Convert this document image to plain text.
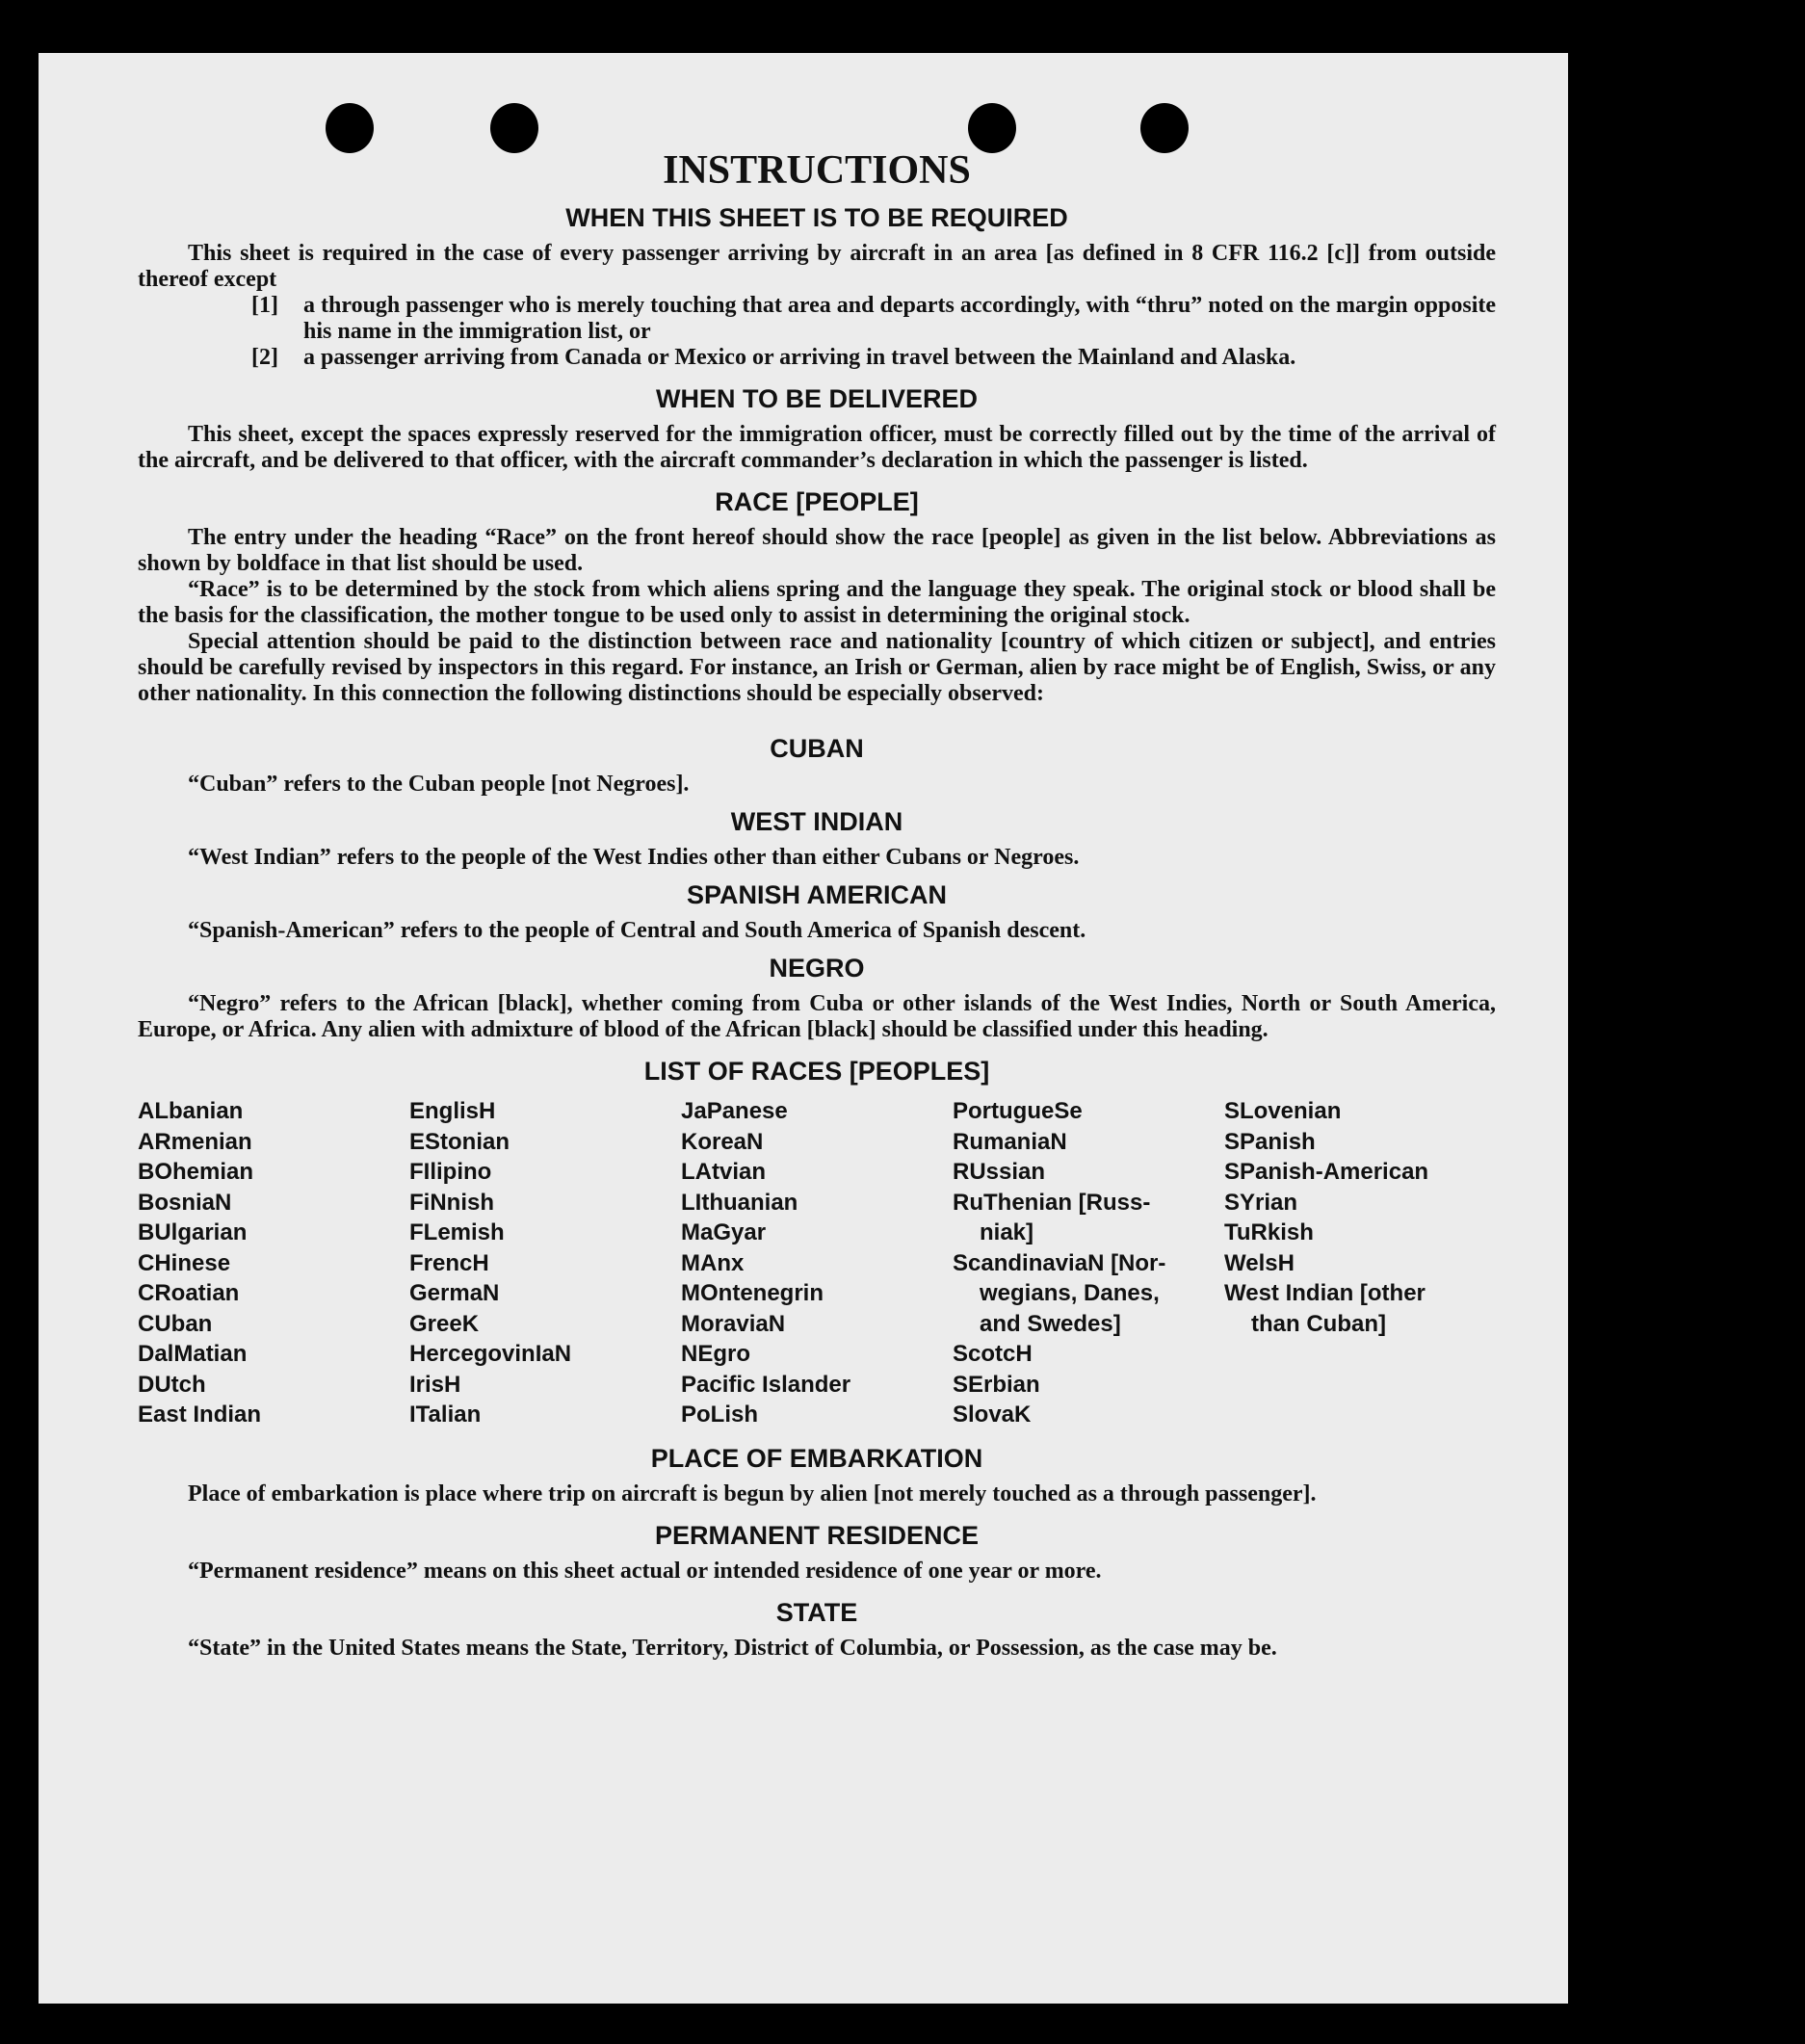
INSTRUCTIONS
WHEN THIS SHEET IS TO BE REQUIRED

This sheet is required in the case of every passenger arriving by aircraft in an area [as defined in 8 CFR 116.2 [c]] from outside thereof except

[1]	a through passenger who is merely touching that area and departs accordingly, with “thru” noted on the margin opposite his name in the immigration list, or
[2]	a passenger arriving from Canada or Mexico or arriving in travel between the Mainland and Alaska.
WHEN TO BE DELIVERED

This sheet, except the spaces expressly reserved for the immigration officer, must be correctly filled out by the time of the arrival of the aircraft, and be delivered to that officer, with the aircraft commander’s declaration in which the passenger is listed.

RACE [PEOPLE]

The entry under the heading “Race” on the front hereof should show the race [people] as given in the list below. Abbreviations as shown by boldface in that list should be used.

“Race” is to be determined by the stock from which aliens spring and the language they speak. The original stock or blood shall be the basis for the classification, the mother tongue to be used only to assist in determining the original stock.

Special attention should be paid to the distinction between race and nationality [country of which citizen or subject], and entries should be carefully revised by inspectors in this regard. For instance, an Irish or German, alien by race might be of English, Swiss, or any other nationality. In this connection the following distinctions should be especially observed:

CUBAN

“Cuban” refers to the Cuban people [not Negroes].

WEST INDIAN

“West Indian” refers to the people of the West Indies other than either Cubans or Negroes.

SPANISH AMERICAN

“Spanish-American” refers to the people of Central and South America of Spanish descent.

NEGRO

“Negro” refers to the African [black], whether coming from Cuba or other islands of the West Indies, North or South America, Europe, or Africa. Any alien with admixture of blood of the African [black] should be classified under this heading.

LIST OF RACES [PEOPLES]
ALbanian
ARmenian
BOhemian
BosniaN
BUlgarian
CHinese
CRoatian
CUban
DalMatian
DUtch
East Indian
EnglisH
EStonian
FIlipino
FiNnish
FLemish
FrencH
GermaN
GreeK
HercegovinIaN
IrisH
ITalian
JaPanese
KoreaN
LAtvian
LIthuanian
MaGyar
MAnx
MOntenegrin
MoraviaN
NEgro
Pacific Islander
PoLish
PortugueSe
RumaniaN
RUssian
RuThenian [Russ-
niak]
ScandinaviaN [Nor-
wegians, Danes,
and Swedes]
ScotcH
SErbian
SlovaK
SLovenian
SPanish
SPanish-American
SYrian
TuRkish
WelsH
West Indian [other
than Cuban]
PLACE OF EMBARKATION

Place of embarkation is place where trip on aircraft is begun by alien [not merely touched as a through passenger].

PERMANENT RESIDENCE

“Permanent residence” means on this sheet actual or intended residence of one year or more.

STATE

“State” in the United States means the State, Territory, District of Columbia, or Possession, as the case may be.
